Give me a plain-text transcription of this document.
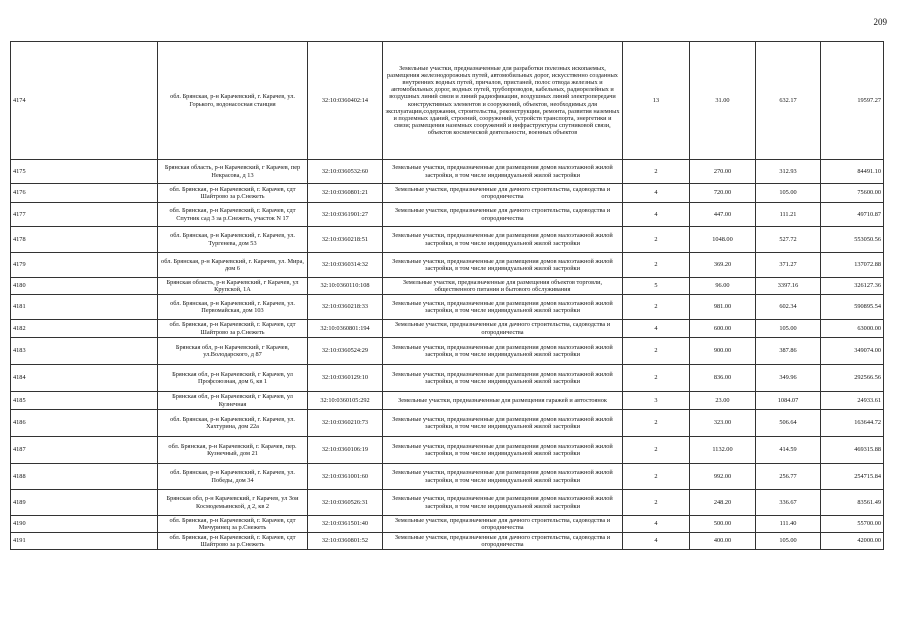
209
4174	обл. Брянская, р-н Карачевский, г. Карачев, ул. Горького, водонасосная станция	32:10:0360402:14	Земельные участки, предназначенные для разработки полезных ископаемых, размещения железнодорожных путей, автомобильных дорог, искусственно созданных внутренних водных путей, причалов, пристаней, полос отвода железных и автомобильных дорог, водных путей, трубопроводов, кабельных, радиорелейных и воздушных линий связи и линий радиофикации, воздушных линий электропередачи конструктивных элементов и сооружений, объектов, необходимых для эксплуатации,содержания, строительства, реконструкции, ремонта, развития наземных и подземных зданий, строений, сооружений, устройств транспорта, энергетики и связи; размещения наземных сооружений и инфраструктуры спутниковой связи, объектов космической деятельности, военных объектов	13	31.00	632.17	19597.27
4175	Брянская область, р-н Карачевский, г Карачев, пер Некрасова, д 13	32:10:0360532:60	Земельные участки, предназначенные для размещения домов малоэтажной жилой застройки, в том числе индивидуальной жилой застройки	2	270.00	312.93	84491.10
4176	обл. Брянская, р-н Карачевский, г. Карачев, сдт Шайтрово за р.Снежеть	32:10:0360801:21	Земельные участки, предназначенные для дачного строительства, садоводства и огородничества	4	720.00	105.00	75600.00
4177	обл. Брянская, р-н Карачевский, г. Карачев, сдт Спутник сад 3 за р.Снежеть, участок N 17	32:10:0361901:27	Земельные участки, предназначенные для дачного строительства, садоводства и огородничества	4	447.00	111.21	49710.87
4178	обл. Брянская, р-н Карачевский, г. Карачев, ул. Тургенева, дом 53	32:10:0360218:51	Земельные участки, предназначенные для размещения домов малоэтажной жилой застройки, в том числе индивидуальной жилой застройки	2	1048.00	527.72	553050.56
4179	обл. Брянская, р-н Карачевский, г. Карачев, ул. Мира, дом 6	32:10:0360314:32	Земельные участки, предназначенные для размещения домов малоэтажной жилой застройки, в том числе индивидуальной жилой застройки	2	369.20	371.27	137072.88
4180	Брянская область, р-н Карачевский, г Карачев, ул Крупской, 1А	32:10:0360110:108	Земельные участки, предназначенные для размещения объектов торговли, общественного питания и бытового обслуживания	5	96.00	3397.16	326127.36
4181	обл. Брянская, р-н Карачевский, г. Карачев, ул. Первомайская, дом 103	32:10:0360218:33	Земельные участки, предназначенные для размещения домов малоэтажной жилой застройки, в том числе индивидуальной жилой застройки	2	981.00	602.34	590895.54
4182	обл. Брянская, р-н Карачевский, г. Карачев, сдт Шайтрово за р.Снежеть	32:10:0360801:194	Земельные участки, предназначенные для дачного строительства, садоводства и огородничества	4	600.00	105.00	63000.00
4183	Брянская обл, р-н Карачевский, г Карачев, ул.Володарского, д 87	32:10:0360524:29	Земельные участки, предназначенные для размещения домов малоэтажной жилой застройки, в том числе индивидуальной жилой застройки	2	900.00	387.86	349074.00
4184	Брянская обл, р-н Карачевский, г Карачев, ул Профсоюзная, дом 6, кв 1	32:10:0360129:10	Земельные участки, предназначенные для размещения домов малоэтажной жилой застройки, в том числе индивидуальной жилой застройки	2	836.00	349.96	292566.56
4185	Брянская обл, р-н Карачевский, г Карачев, ул Кузнечная	32:10:0360105:292	Земельные участки, предназначенные для размещения гаражей и автостоянок	3	23.00	1084.07	24933.61
4186	обл. Брянская, р-н Карачевский, г. Карачев, ул. Хахтурина, дом 22а	32:10:0360210:73	Земельные участки, предназначенные для размещения домов малоэтажной жилой застройки, в том числе индивидуальной жилой застройки	2	323.00	506.64	163644.72
4187	обл. Брянская, р-н Карачевский, г. Карачев, пер. Кузнечный, дом 21	32:10:0360106:19	Земельные участки, предназначенные для размещения домов малоэтажной жилой застройки, в том числе индивидуальной жилой застройки	2	1132.00	414.59	469315.88
4188	обл. Брянская, р-н Карачевский, г. Карачев, ул. Победы, дом 34	32:10:0361001:60	Земельные участки, предназначенные для размещения домов малоэтажной жилой застройки, в том числе индивидуальной жилой застройки	2	992.00	256.77	254715.84
4189	Брянская обл, р-н Карачевский, г Карачев, ул Зои Космодемьянской, д 2, кв 2	32:10:0360526:31	Земельные участки, предназначенные для размещения домов малоэтажной жилой застройки, в том числе индивидуальной жилой застройки	2	248.20	336.67	83561.49
4190	обл. Брянская, р-н Карачевский, г. Карачев, сдт Мичуринец за р.Снежеть	32:10:0361501:40	Земельные участки, предназначенные для дачного строительства, садоводства и огородничества	4	500.00	111.40	55700.00
4191	обл. Брянская, р-н Карачевский, г. Карачев, сдт Шайтрово за р.Снежеть	32:10:0360801:52	Земельные участки, предназначенные для дачного строительства, садоводства и огородничества	4	400.00	105.00	42000.00
